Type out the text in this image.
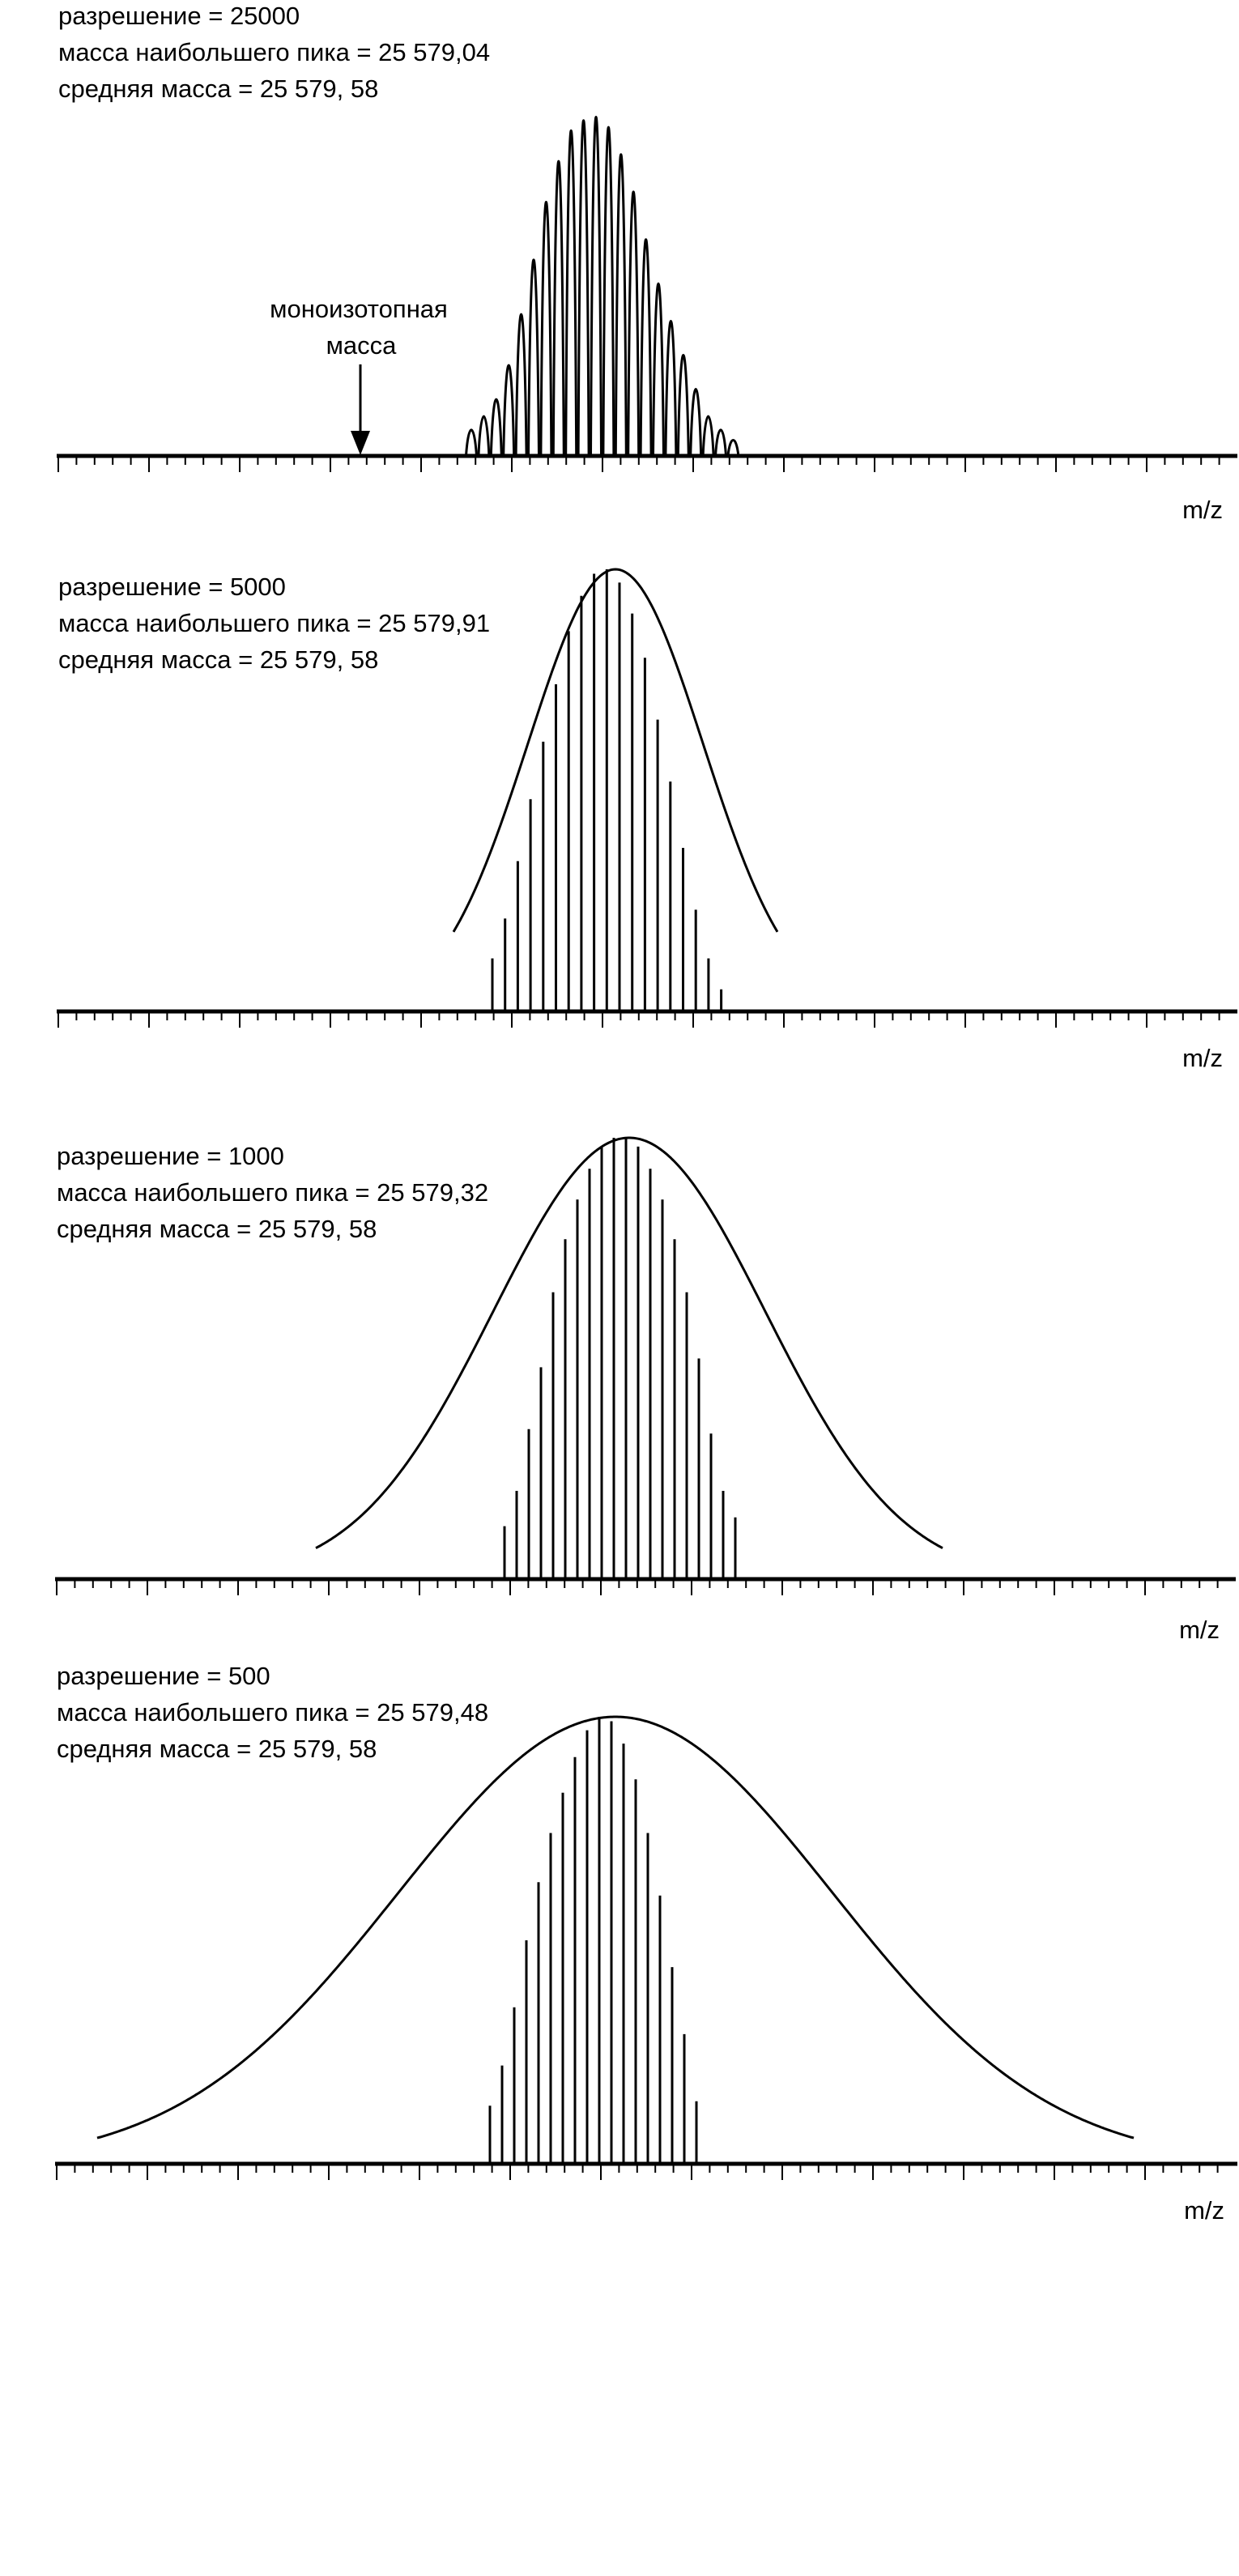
разрешение = 25000
масса наибольшего пика = 25 579,04
средняя масса = 25 579, 58
моноизотопная
масса
m/z
разрешение = 5000
масса наибольшего пика = 25 579,91
средняя масса = 25 579, 58
m/z
разрешение = 1000
масса наибольшего пика = 25 579,32
средняя масса = 25 579, 58
m/z
разрешение = 500
масса наибольшего пика = 25 579,48
средняя масса = 25 579, 58
m/z
